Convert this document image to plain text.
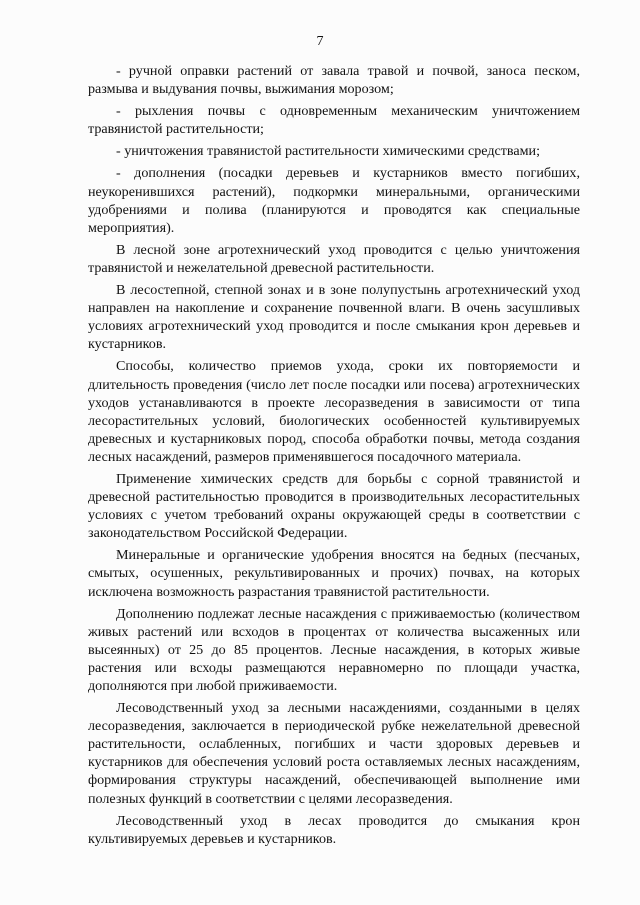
7

- ручной оправки растений от завала травой и почвой, заноса песком, размыва и выдувания почвы, выжимания морозом;

- рыхления почвы с одновременным механическим уничтожением травянистой растительности;

- уничтожения травянистой растительности химическими средствами;

- дополнения (посадки деревьев и кустарников вместо погибших, неукоренившихся растений), подкормки минеральными, органическими удобрениями и полива (планируются и проводятся как специальные мероприятия).

В лесной зоне агротехнический уход проводится с целью уничтожения травянистой и нежелательной древесной растительности.

В лесостепной, степной зонах и в зоне полупустынь агротехнический уход направлен на накопление и сохранение почвенной влаги. В очень засушливых условиях агротехнический уход проводится и после смыкания крон деревьев и кустарников.

Способы, количество приемов ухода, сроки их повторяемости и длительность проведения (число лет после посадки или посева) агротехнических уходов устанавливаются в проекте лесоразведения в зависимости от типа лесорастительных условий, биологических особенностей культивируемых древесных и кустарниковых пород, способа обработки почвы, метода создания лесных насаждений, размеров применявшегося посадочного материала.

Применение химических средств для борьбы с сорной травянистой и древесной растительностью проводится в производительных лесорастительных условиях с учетом требований охраны окружающей среды в соответствии с законодательством Российской Федерации.

Минеральные и органические удобрения вносятся на бедных (песчаных, смытых, осушенных, рекультивированных и прочих) почвах, на которых исключена возможность разрастания травянистой растительности.

Дополнению подлежат лесные насаждения с приживаемостью (количеством живых растений или всходов в процентах от количества высаженных или высеянных) от 25 до 85 процентов. Лесные насаждения, в которых живые растения или всходы размещаются неравномерно по площади участка, дополняются при любой приживаемости.

Лесоводственный уход за лесными насаждениями, созданными в целях лесоразведения, заключается в периодической рубке нежелательной древесной растительности, ослабленных, погибших и части здоровых деревьев и кустарников для обеспечения условий роста оставляемых лесных насаждениям, формирования структуры насаждений, обеспечивающей выполнение ими полезных функций в соответствии с целями лесоразведения.

Лесоводственный уход в лесах проводится до смыкания крон культивируемых деревьев и кустарников.
